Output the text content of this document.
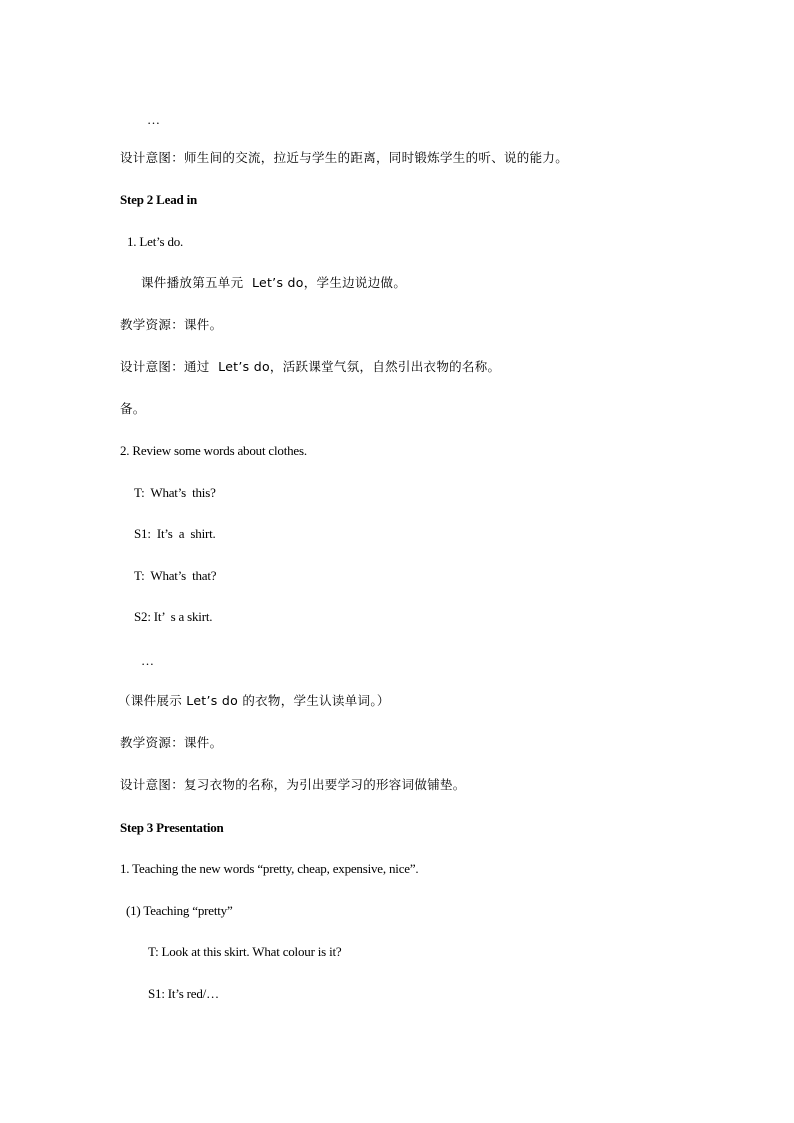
…
设计意图：师生间的交流，拉近与学生的距离，同时锻炼学生的听、说的能力。
Step 2 Lead in
1. Let’s do.
课件播放第五单元  Let’s do，学生边说边做。
教学资源：课件。
设计意图：通过  Let’s do，活跃课堂气氛，自然引出衣物的名称。
备。
2. Review some words about clothes.
T:  What’s  this?
S1:  It’s  a  shirt.
T:  What’s  that?
S2: It’  s a skirt.
…
（课件展示 Let’s do 的衣物，学生认读单词。）
教学资源：课件。
设计意图：复习衣物的名称，为引出要学习的形容词做铺垫。
Step 3 Presentation
1. Teaching the new words “pretty, cheap, expensive, nice”.
(1) Teaching “pretty”
T: Look at this skirt. What colour is it?
S1: It’s red/…
